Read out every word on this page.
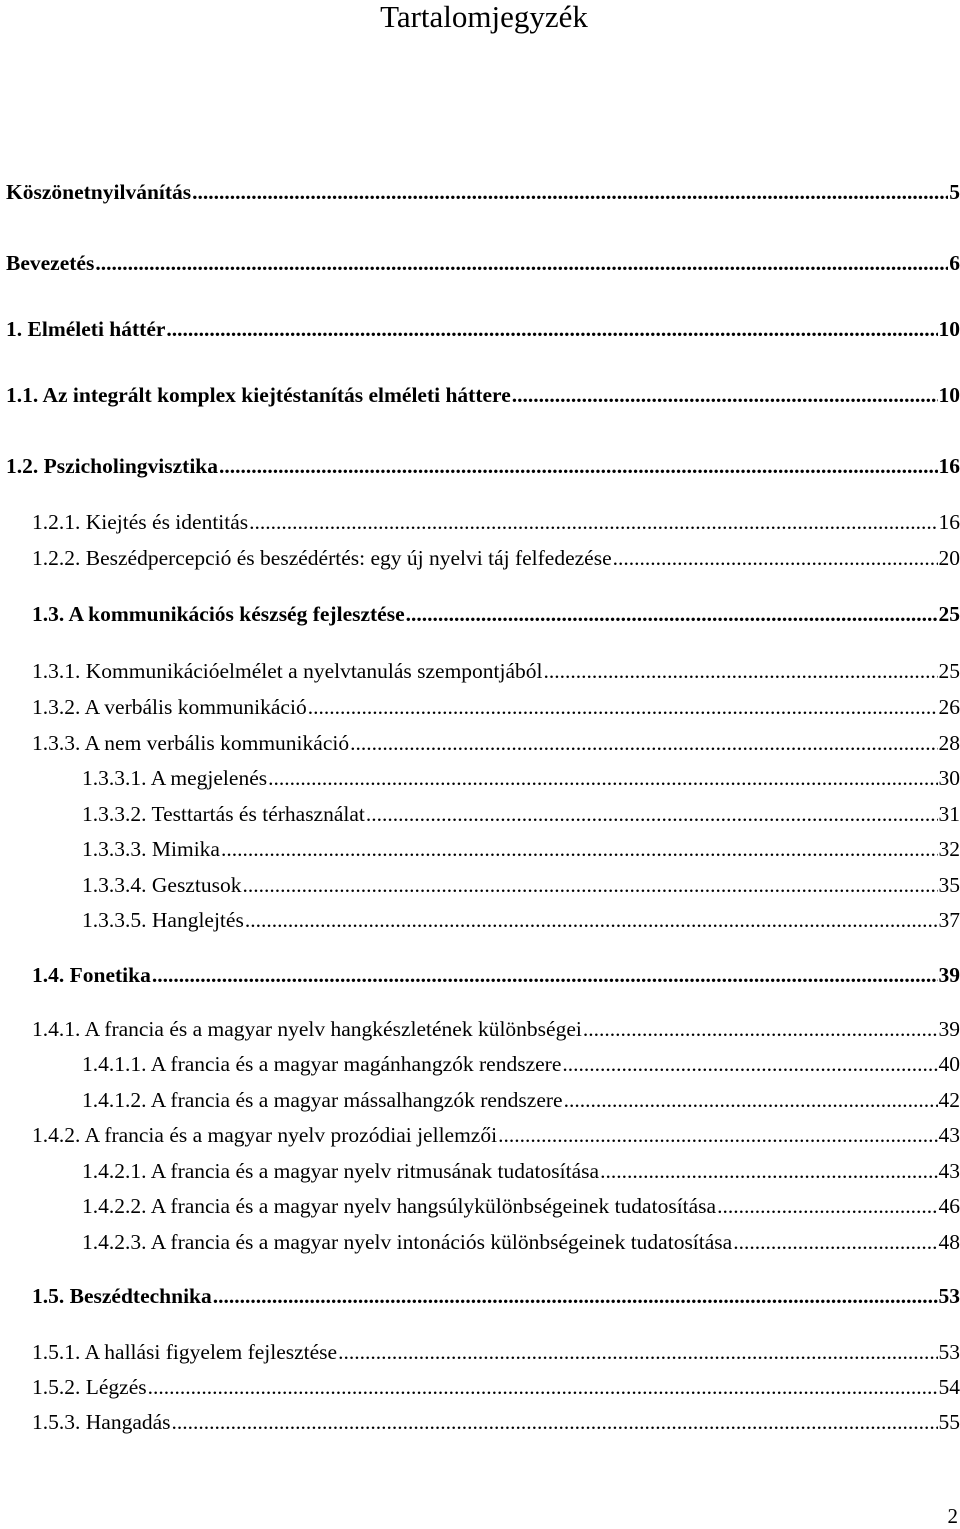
Tartalomjegyzék
Köszönetnyilvánítás .....	5
Bevezetés .....	6
1. Elméleti háttér .....	10
1.1. Az integrált komplex kiejtéstanítás elméleti háttere .....	10
1.2. Pszicholingvisztika .....	16
1.2.1. Kiejtés és identitás .....	16
1.2.2. Beszédpercepció és beszédértés: egy új nyelvi táj felfedezése .....	20
1.3. A kommunikációs készség fejlesztése .....	25
1.3.1. Kommunikációelmélet a nyelvtanulás szempontjából .....	25
1.3.2. A verbális kommunikáció .....	26
1.3.3. A nem verbális kommunikáció .....	28
1.3.3.1. A megjelenés .....	30
1.3.3.2. Testtartás és térhasználat .....	31
1.3.3.3. Mimika .....	32
1.3.3.4. Gesztusok .....	35
1.3.3.5. Hanglejtés .....	37
1.4. Fonetika .....	39
1.4.1. A francia és a magyar nyelv hangkészletének különbségei .....	39
1.4.1.1. A francia és a magyar magánhangzók rendszere .....	40
1.4.1.2. A francia és a magyar mássalhangzók rendszere .....	42
1.4.2. A francia és a magyar nyelv prozódiai jellemzői .....	43
1.4.2.1. A francia és a magyar nyelv ritmusának tudatosítása .....	43
1.4.2.2. A francia és a magyar nyelv hangsúlykülönbségeinek tudatosítása .....	46
1.4.2.3. A francia és a magyar nyelv intonációs különbségeinek tudatosítása .....	48
1.5. Beszédtechnika .....	53
1.5.1. A hallási figyelem fejlesztése .....	53
1.5.2. Légzés .....	54
1.5.3. Hangadás .....	55
2
